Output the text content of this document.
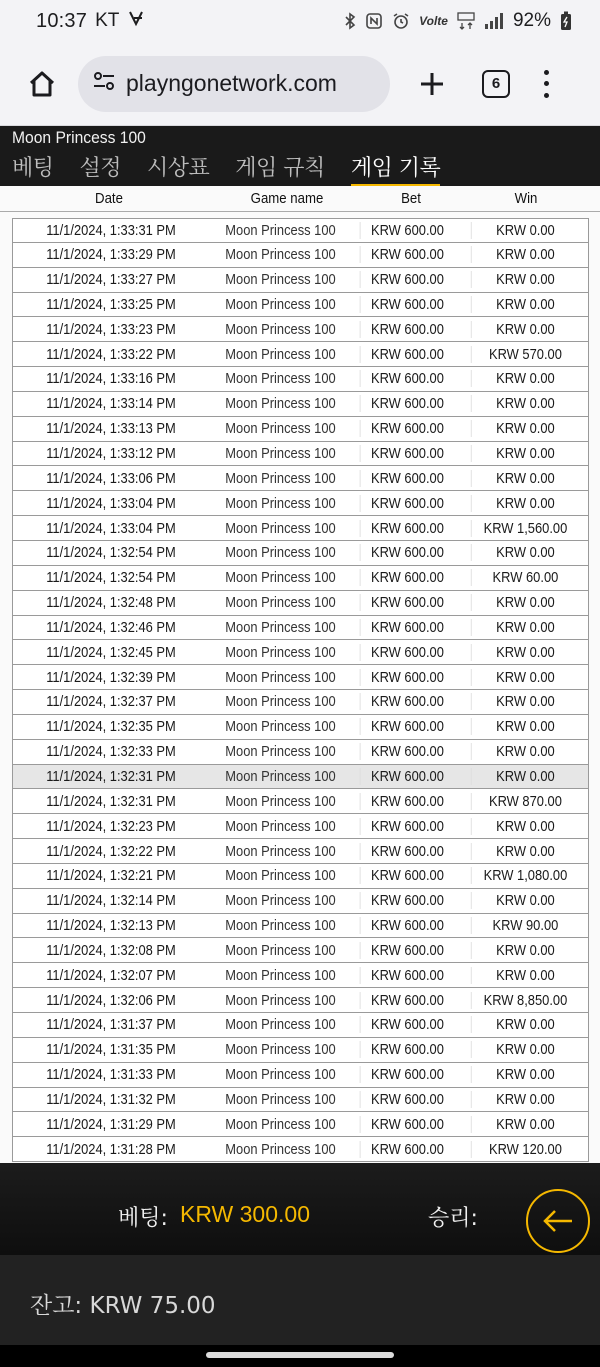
10:37 KT	Volte	92%
playngonetwork.com	6
Moon Princess 100
베팅 설정 시상표 게임 규칙 게임 기록
Date	Game name	Bet	Win
11/1/2024, 1:33:31 PM	Moon Princess 100	KRW 600.00	KRW 0.00
11/1/2024, 1:33:29 PM	Moon Princess 100	KRW 600.00	KRW 0.00
11/1/2024, 1:33:27 PM	Moon Princess 100	KRW 600.00	KRW 0.00
11/1/2024, 1:33:25 PM	Moon Princess 100	KRW 600.00	KRW 0.00
11/1/2024, 1:33:23 PM	Moon Princess 100	KRW 600.00	KRW 0.00
11/1/2024, 1:33:22 PM	Moon Princess 100	KRW 600.00	KRW 570.00
11/1/2024, 1:33:16 PM	Moon Princess 100	KRW 600.00	KRW 0.00
11/1/2024, 1:33:14 PM	Moon Princess 100	KRW 600.00	KRW 0.00
11/1/2024, 1:33:13 PM	Moon Princess 100	KRW 600.00	KRW 0.00
11/1/2024, 1:33:12 PM	Moon Princess 100	KRW 600.00	KRW 0.00
11/1/2024, 1:33:06 PM	Moon Princess 100	KRW 600.00	KRW 0.00
11/1/2024, 1:33:04 PM	Moon Princess 100	KRW 600.00	KRW 0.00
11/1/2024, 1:33:04 PM	Moon Princess 100	KRW 600.00	KRW 1,560.00
11/1/2024, 1:32:54 PM	Moon Princess 100	KRW 600.00	KRW 0.00
11/1/2024, 1:32:54 PM	Moon Princess 100	KRW 600.00	KRW 60.00
11/1/2024, 1:32:48 PM	Moon Princess 100	KRW 600.00	KRW 0.00
11/1/2024, 1:32:46 PM	Moon Princess 100	KRW 600.00	KRW 0.00
11/1/2024, 1:32:45 PM	Moon Princess 100	KRW 600.00	KRW 0.00
11/1/2024, 1:32:39 PM	Moon Princess 100	KRW 600.00	KRW 0.00
11/1/2024, 1:32:37 PM	Moon Princess 100	KRW 600.00	KRW 0.00
11/1/2024, 1:32:35 PM	Moon Princess 100	KRW 600.00	KRW 0.00
11/1/2024, 1:32:33 PM	Moon Princess 100	KRW 600.00	KRW 0.00
11/1/2024, 1:32:31 PM	Moon Princess 100	KRW 600.00	KRW 0.00
11/1/2024, 1:32:31 PM	Moon Princess 100	KRW 600.00	KRW 870.00
11/1/2024, 1:32:23 PM	Moon Princess 100	KRW 600.00	KRW 0.00
11/1/2024, 1:32:22 PM	Moon Princess 100	KRW 600.00	KRW 0.00
11/1/2024, 1:32:21 PM	Moon Princess 100	KRW 600.00	KRW 1,080.00
11/1/2024, 1:32:14 PM	Moon Princess 100	KRW 600.00	KRW 0.00
11/1/2024, 1:32:13 PM	Moon Princess 100	KRW 600.00	KRW 90.00
11/1/2024, 1:32:08 PM	Moon Princess 100	KRW 600.00	KRW 0.00
11/1/2024, 1:32:07 PM	Moon Princess 100	KRW 600.00	KRW 0.00
11/1/2024, 1:32:06 PM	Moon Princess 100	KRW 600.00	KRW 8,850.00
11/1/2024, 1:31:37 PM	Moon Princess 100	KRW 600.00	KRW 0.00
11/1/2024, 1:31:35 PM	Moon Princess 100	KRW 600.00	KRW 0.00
11/1/2024, 1:31:33 PM	Moon Princess 100	KRW 600.00	KRW 0.00
11/1/2024, 1:31:32 PM	Moon Princess 100	KRW 600.00	KRW 0.00
11/1/2024, 1:31:29 PM	Moon Princess 100	KRW 600.00	KRW 0.00
11/1/2024, 1:31:28 PM	Moon Princess 100	KRW 600.00	KRW 120.00
베팅: KRW 300.00	승리:
잔고: KRW 75.00
